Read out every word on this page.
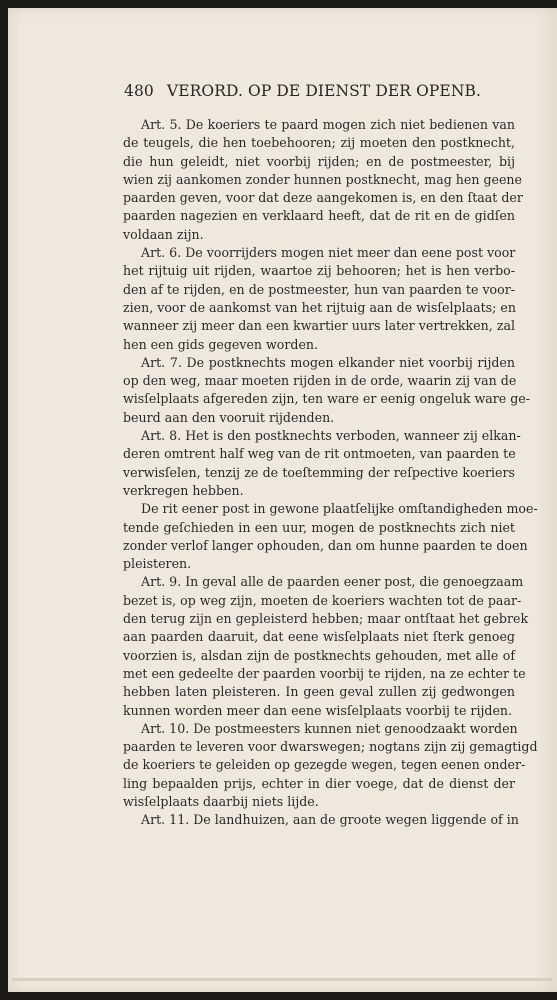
480 VERORD. OP DE DIENST DER OPENB.
Art. 5. De koeriers te paard mogen zich niet bedienen van
de teugels, die hen toebehooren; zij moeten den postknecht,
die hun geleidt, niet voorbij rijden; en de postmeester, bij
wien zij aankomen zonder hunnen postknecht, mag hen geene
paarden geven, voor dat deze aangekomen is, en den ſtaat der
paarden nagezien en verklaard heeft, dat de rit en de gidſen
voldaan zijn.
Art. 6. De voorrijders mogen niet meer dan eene post voor
het rijtuig uit rijden, waartoe zij behooren; het is hen verbo-
den af te rijden, en de postmeester, hun van paarden te voor-
zien, voor de aankomst van het rijtuig aan de wisſelplaats; en
wanneer zij meer dan een kwartier uurs later vertrekken, zal
hen een gids gegeven worden.
Art. 7. De postknechts mogen elkander niet voorbij rijden
op den weg, maar moeten rijden in de orde, waarin zij van de
wisſelplaats afgereden zijn, ten ware er eenig ongeluk ware ge-
beurd aan den vooruit rijdenden.
Art. 8. Het is den postknechts verboden, wanneer zij elkan-
deren omtrent half weg van de rit ontmoeten, van paarden te
verwisſelen, tenzij ze de toeſtemming der reſpective koeriers
verkregen hebben.
De rit eener post in gewone plaatſelijke omſtandigheden moe-
tende geſchieden in een uur, mogen de postknechts zich niet
zonder verlof langer ophouden, dan om hunne paarden te doen
pleisteren.
Art. 9. In geval alle de paarden eener post, die genoegzaam
bezet is, op weg zijn, moeten de koeriers wachten tot de paar-
den terug zijn en gepleisterd hebben; maar ontſtaat het gebrek
aan paarden daaruit, dat eene wisſelplaats niet ſterk genoeg
voorzien is, alsdan zijn de postknechts gehouden, met alle of
met een gedeelte der paarden voorbij te rijden, na ze echter te
hebben laten pleisteren. In geen geval zullen zij gedwongen
kunnen worden meer dan eene wisſelplaats voorbij te rijden.
Art. 10. De postmeesters kunnen niet genoodzaakt worden
paarden te leveren voor dwarswegen; nogtans zijn zij gemagtigd
de koeriers te geleiden op gezegde wegen, tegen eenen onder-
ling bepaalden prijs, echter in dier voege, dat de dienst der
wisſelplaats daarbij niets lijde.
Art. 11. De landhuizen, aan de groote wegen liggende of in
